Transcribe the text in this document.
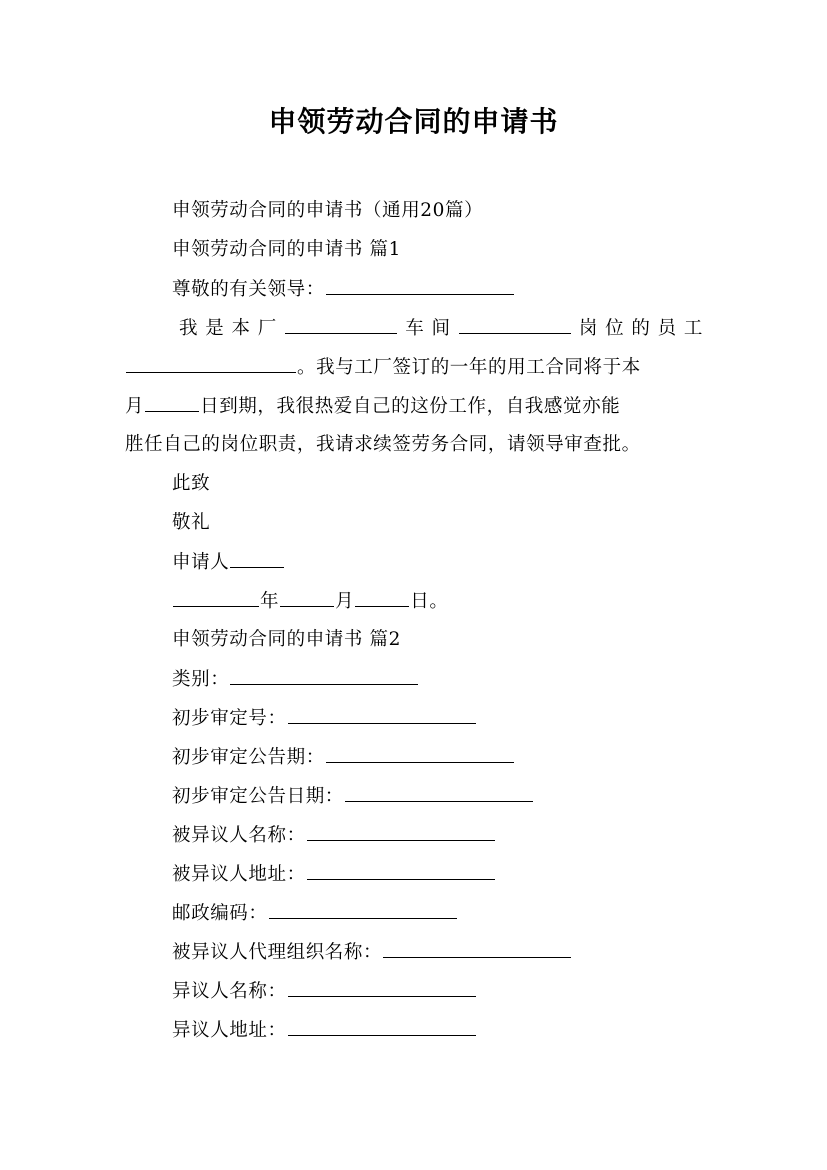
申领劳动合同的申请书
申领劳动合同的申请书（通用20篇）
申领劳动合同的申请书 篇1
尊敬的有关领导：
我是本厂	车间	岗位的员工
。我与工厂签订的一年的用工合同将于本
月	日到期，我很热爱自己的这份工作，自我感觉亦能
胜任自己的岗位职责，我请求续签劳务合同，请领导审查批。
此致
敬礼
申请人
年	月	日。
申领劳动合同的申请书 篇2
类别：
初步审定号：
初步审定公告期：
初步审定公告日期：
被异议人名称：
被异议人地址：
邮政编码：
被异议人代理组织名称：
异议人名称：
异议人地址：
